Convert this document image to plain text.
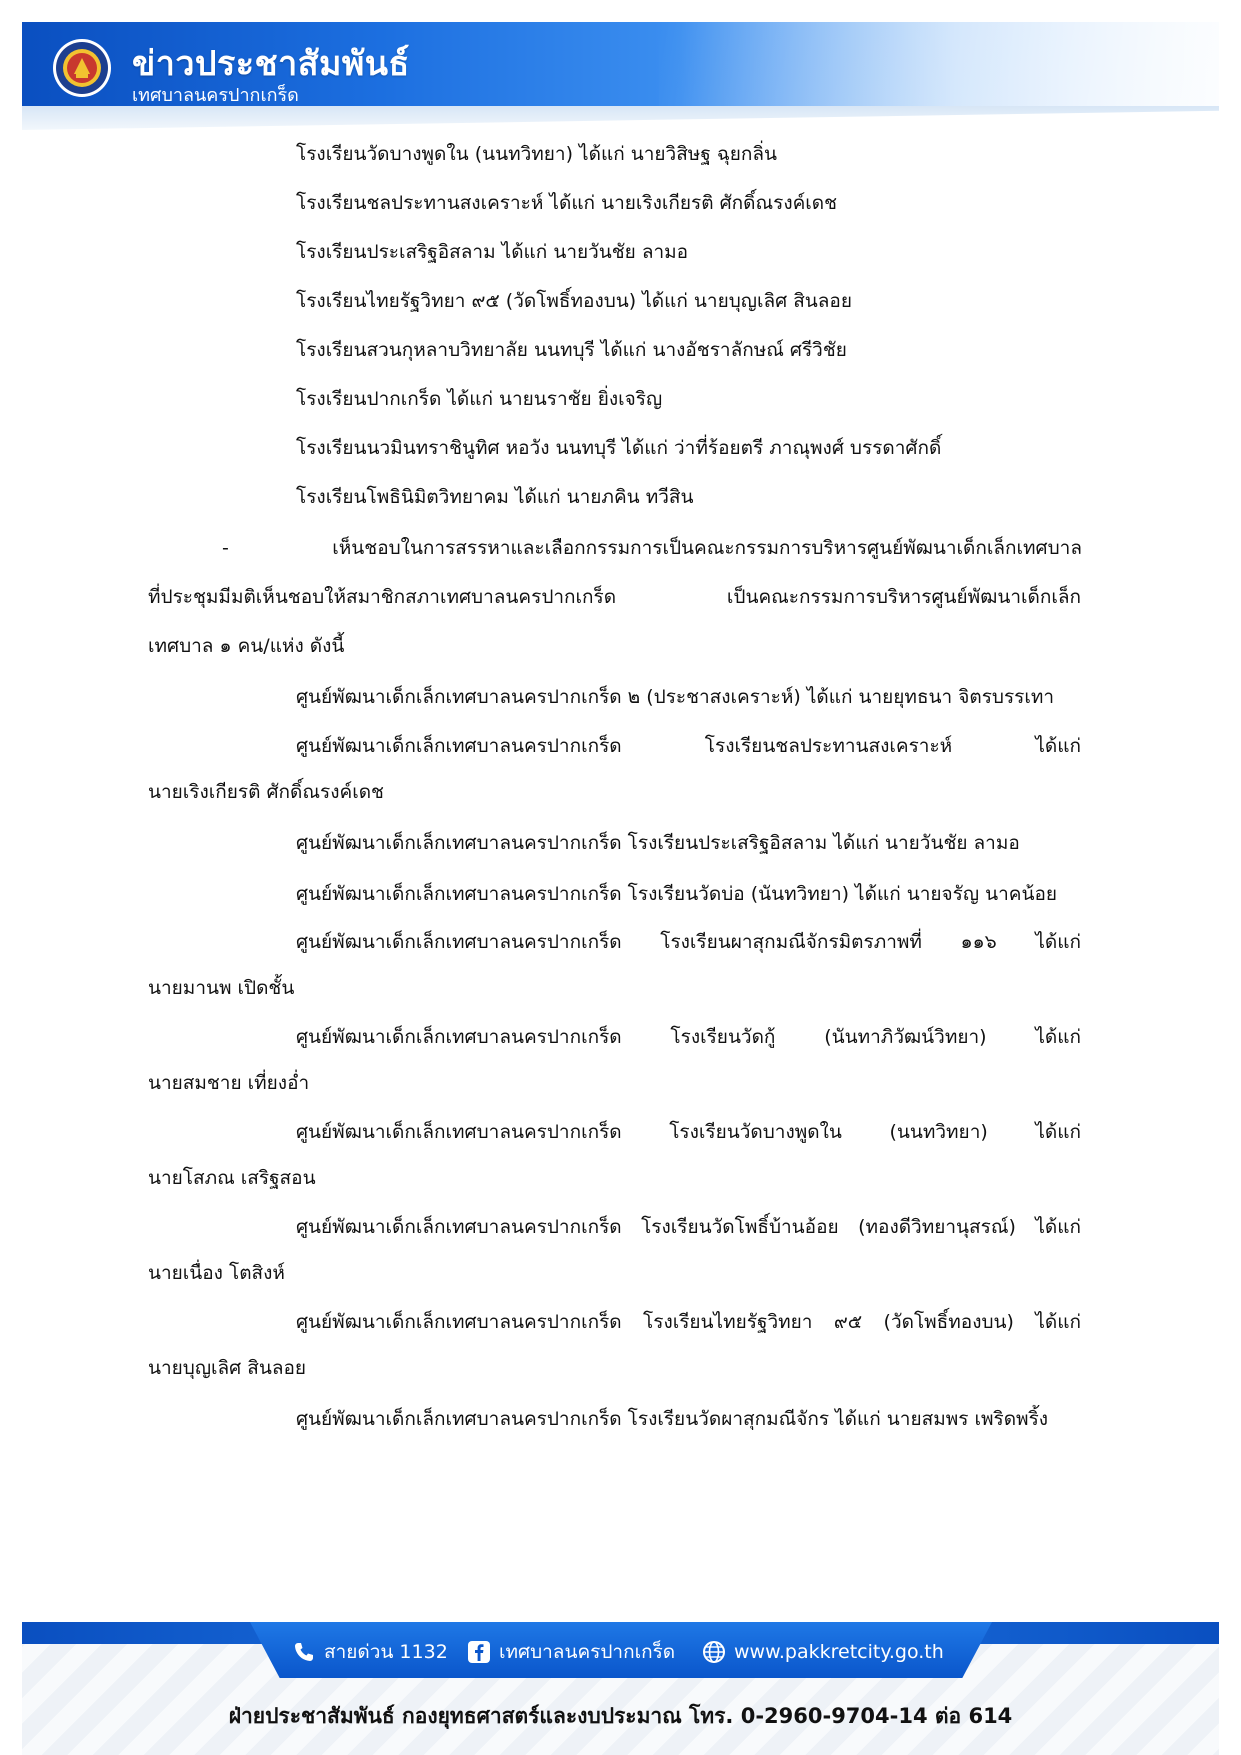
ข่าวประชาสัมพันธ์
เทศบาลนครปากเกร็ด
โรงเรียนวัดบางพูดใน (นนทวิทยา) ได้แก่ นายวิสิษฐ ฉุยกลิ่น
โรงเรียนชลประทานสงเคราะห์ ได้แก่ นายเริงเกียรติ ศักดิ์ณรงค์เดช
โรงเรียนประเสริฐอิสลาม ได้แก่ นายวันชัย ลามอ
โรงเรียนไทยรัฐวิทยา ๙๕ (วัดโพธิ์ทองบน) ได้แก่ นายบุญเลิศ สินลอย
โรงเรียนสวนกุหลาบวิทยาลัย นนทบุรี ได้แก่ นางอัชราลักษณ์ ศรีวิชัย
โรงเรียนปากเกร็ด ได้แก่ นายนราชัย ยิ่งเจริญ
โรงเรียนนวมินทราชินูทิศ หอวัง นนทบุรี ได้แก่ ว่าที่ร้อยตรี ภาณุพงศ์ บรรดาศักดิ์
โรงเรียนโพธินิมิตวิทยาคม ได้แก่ นายภคิน ทวีสิน
- เห็นชอบในการสรรหาและเลือกกรรมการเป็นคณะกรรมการบริหารศูนย์พัฒนาเด็กเล็กเทศบาล
ที่ประชุมมีมติเห็นชอบให้สมาชิกสภาเทศบาลนครปากเกร็ด เป็นคณะกรรมการบริหารศูนย์พัฒนาเด็กเล็ก
เทศบาล ๑ คน/แห่ง ดังนี้
ศูนย์พัฒนาเด็กเล็กเทศบาลนครปากเกร็ด ๒ (ประชาสงเคราะห์) ได้แก่ นายยุทธนา จิตรบรรเทา
ศูนย์พัฒนาเด็กเล็กเทศบาลนครปากเกร็ด โรงเรียนชลประทานสงเคราะห์ ได้แก่
นายเริงเกียรติ ศักดิ์ณรงค์เดช
ศูนย์พัฒนาเด็กเล็กเทศบาลนครปากเกร็ด โรงเรียนประเสริฐอิสลาม ได้แก่ นายวันชัย ลามอ
ศูนย์พัฒนาเด็กเล็กเทศบาลนครปากเกร็ด โรงเรียนวัดบ่อ (นันทวิทยา) ได้แก่ นายจรัญ นาคน้อย
ศูนย์พัฒนาเด็กเล็กเทศบาลนครปากเกร็ด โรงเรียนผาสุกมณีจักรมิตรภาพที่ ๑๑๖ ได้แก่
นายมานพ เปิดชั้น
ศูนย์พัฒนาเด็กเล็กเทศบาลนครปากเกร็ด โรงเรียนวัดกู้ (นันทาภิวัฒน์วิทยา) ได้แก่
นายสมชาย เที่ยงอ่ำ
ศูนย์พัฒนาเด็กเล็กเทศบาลนครปากเกร็ด โรงเรียนวัดบางพูดใน (นนทวิทยา) ได้แก่
นายโสภณ เสริฐสอน
ศูนย์พัฒนาเด็กเล็กเทศบาลนครปากเกร็ด โรงเรียนวัดโพธิ์บ้านอ้อย (ทองดีวิทยานุสรณ์) ได้แก่
นายเนื่อง โตสิงห์
ศูนย์พัฒนาเด็กเล็กเทศบาลนครปากเกร็ด โรงเรียนไทยรัฐวิทยา ๙๕ (วัดโพธิ์ทองบน) ได้แก่
นายบุญเลิศ สินลอย
ศูนย์พัฒนาเด็กเล็กเทศบาลนครปากเกร็ด โรงเรียนวัดผาสุกมณีจักร ได้แก่ นายสมพร เพริดพริ้ง
สายด่วน 1132	เทศบาลนครปากเกร็ด	www.pakkretcity.go.th
ฝ่ายประชาสัมพันธ์ กองยุทธศาสตร์และงบประมาณ โทร. 0-2960-9704-14 ต่อ 614
